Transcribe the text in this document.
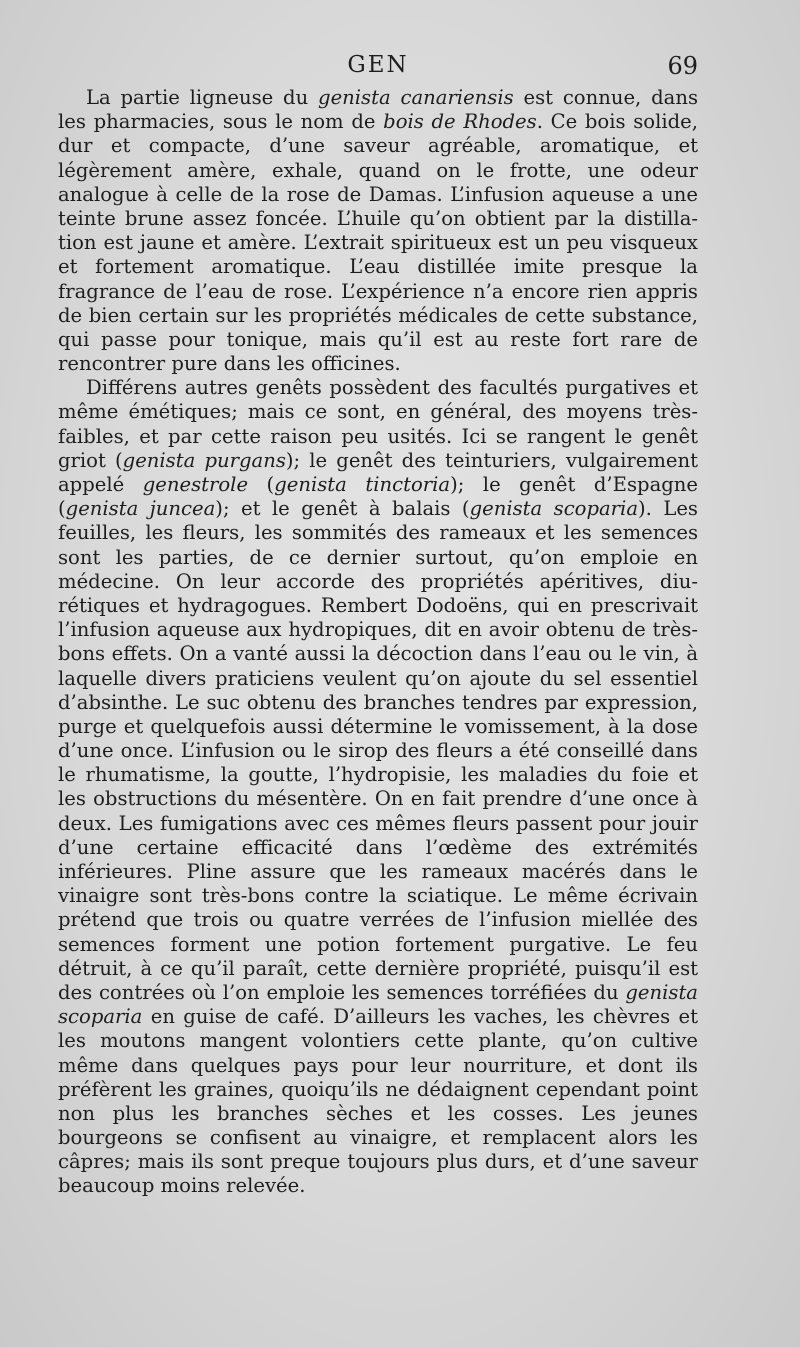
GEN	69

La partie ligneuse du genista canariensis est connue, dans les pharmacies, sous le nom de bois de Rhodes. Ce bois solide, dur et compacte, d’une saveur agréable, aromatique, et légèrement amère, exhale, quand on le frotte, une odeur analogue à celle de la rose de Damas. L’infusion aqueuse a une teinte brune assez foncée. L’huile qu’on obtient par la distillation est jaune et amère. L’extrait spiritueux est un peu visqueux et fortement aromatique. L’eau distillée imite presque la fragrance de l’eau de rose. L’expérience n’a encore rien appris de bien certain sur les propriétés médicales de cette substance, qui passe pour tonique, mais qu’il est au reste fort rare de rencontrer pure dans les officines.

Différens autres genêts possèdent des facultés purgatives et même émétiques; mais ce sont, en général, des moyens très-faibles, et par cette raison peu usités. Ici se rangent le genêt griot (genista purgans); le genêt des teinturiers, vulgairement appelé genestrole (genista tinctoria); le genêt d’Espagne (genista juncea); et le genêt à balais (genista scoparia). Les feuilles, les fleurs, les sommités des rameaux et les semences sont les parties, de ce dernier surtout, qu’on emploie en médecine. On leur accorde des propriétés apéritives, diurétiques et hydragogues. Rembert Dodoëns, qui en prescrivait l’infusion aqueuse aux hydropiques, dit en avoir obtenu de très-bons effets. On a vanté aussi la décoction dans l’eau ou le vin, à laquelle divers praticiens veulent qu’on ajoute du sel essentiel d’absinthe. Le suc obtenu des branches tendres par expression, purge et quelquefois aussi détermine le vomissement, à la dose d’une once. L’infusion ou le sirop des fleurs a été conseillé dans le rhumatisme, la goutte, l’hydropisie, les maladies du foie et les obstructions du mésentère. On en fait prendre d’une once à deux. Les fumigations avec ces mêmes fleurs passent pour jouir d’une certaine efficacité dans l’œdème des extrémités inférieures. Pline assure que les rameaux macérés dans le vinaigre sont très-bons contre la sciatique. Le même écrivain prétend que trois ou quatre verrées de l’infusion miellée des semences forment une potion fortement purgative. Le feu détruit, à ce qu’il paraît, cette dernière propriété, puisqu’il est des contrées où l’on emploie les semences torréfiées du genista scoparia en guise de café. D’ailleurs les vaches, les chèvres et les moutons mangent volontiers cette plante, qu’on cultive même dans quelques pays pour leur nourriture, et dont ils préfèrent les graines, quoiqu’ils ne dédaignent cependant point non plus les branches sèches et les cosses. Les jeunes bourgeons se confisent au vinaigre, et remplacent alors les câpres; mais ils sont preque toujours plus durs, et d’une saveur beaucoup moins relevée.
